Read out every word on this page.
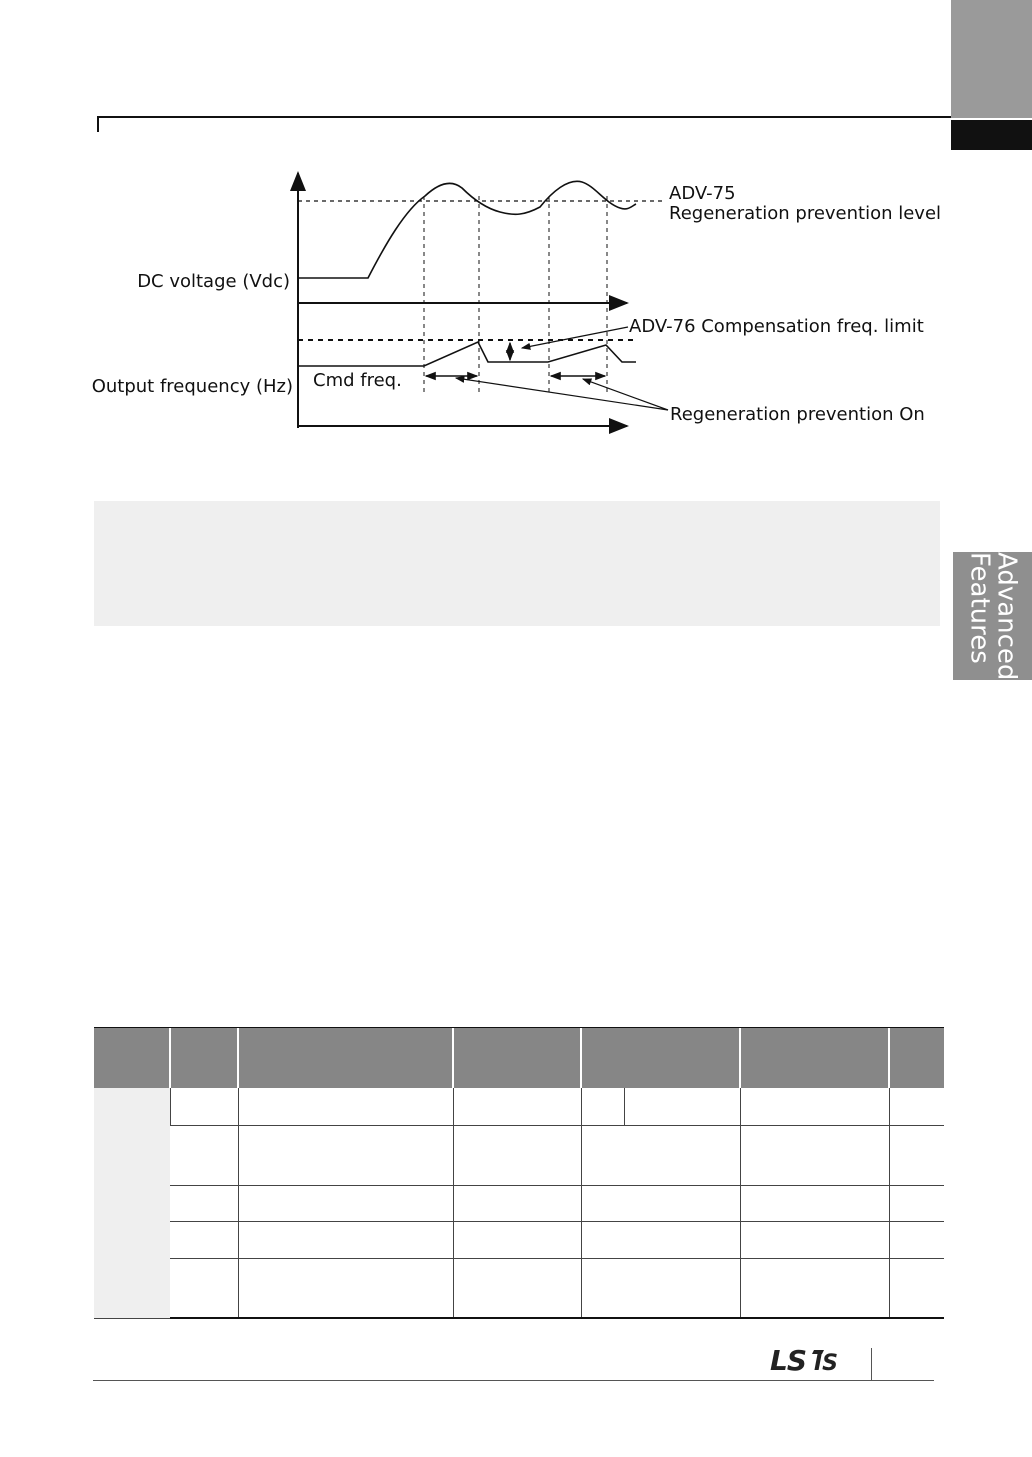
DC voltage (Vdc)
Output frequency (Hz) Cmd freq.
ADV-75
Regeneration prevention level
ADV-76 Compensation freq. limit
Regeneration prevention On
Advanced
Features

LS IS
